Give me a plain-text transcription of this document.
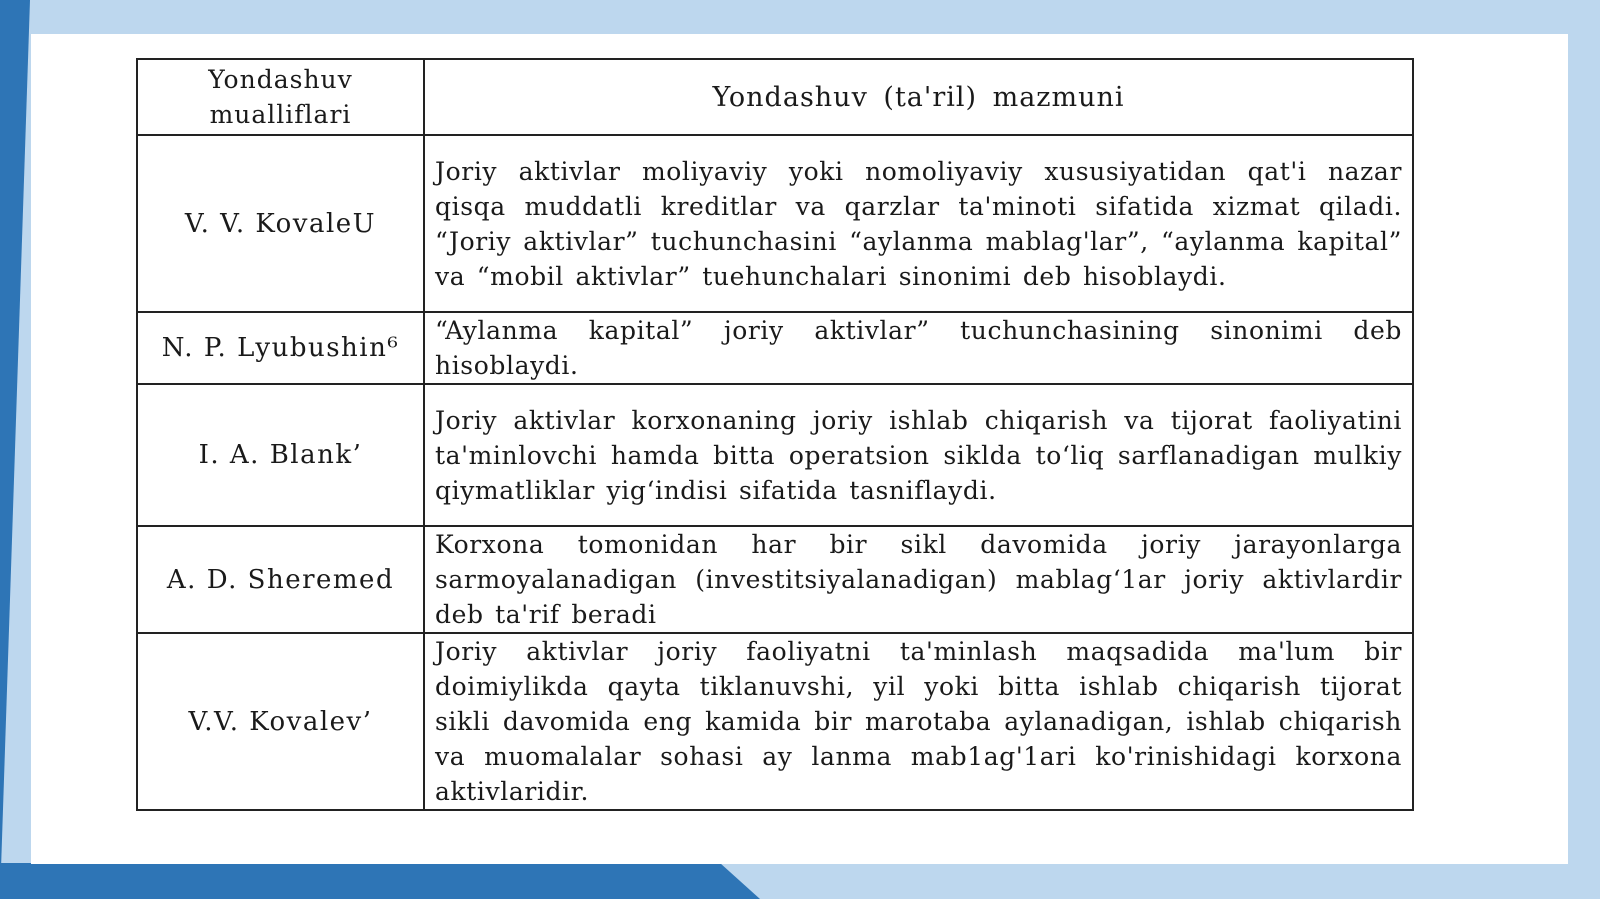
Yondashuv mualliflari	Yondashuv (ta'ril) mazmuni
V. V. KovaleU	Joriy aktivlar moliyaviy yoki nomoliyaviy xususiyatidan qat'i nazar qisqa muddatli kreditlar va qarzlar ta'minoti sifatida xizmat qiladi. “Joriy aktivlar” tuchunchasini “aylanma mablag'lar”, “aylanma kapital” va “mobil aktivlar” tuehunchalari sinonimi deb hisoblaydi.
N. P. Lyubushin⁶	“Aylanma kapital” joriy aktivlar” tuchunchasining sinonimi deb hisoblaydi.
I. A. Blank’	Joriy aktivlar korxonaning joriy ishlab chiqarish va tijorat faoliyatini ta'minlovchi hamda bitta operatsion siklda to‘liq sarflanadigan mulkiy qiymatliklar yig‘indisi sifatida tasniflaydi.
A. D. Sheremed	Korxona tomonidan har bir sikl davomida joriy jarayonlarga sarmoyalanadigan (investitsiyalanadigan) mablag‘1ar joriy aktivlardir deb ta'rif beradi
V.V. Kovalev’	Joriy aktivlar joriy faoliyatni ta'minlash maqsadida ma'lum bir doimiylikda qayta tiklanuvshi, yil yoki bitta ishlab chiqarish tijorat sikli davomida eng kamida bir marotaba aylanadigan, ishlab chiqarish va muomalalar sohasi ay lanma mab1ag'1ari ko'rinishidagi korxona aktivlaridir.
